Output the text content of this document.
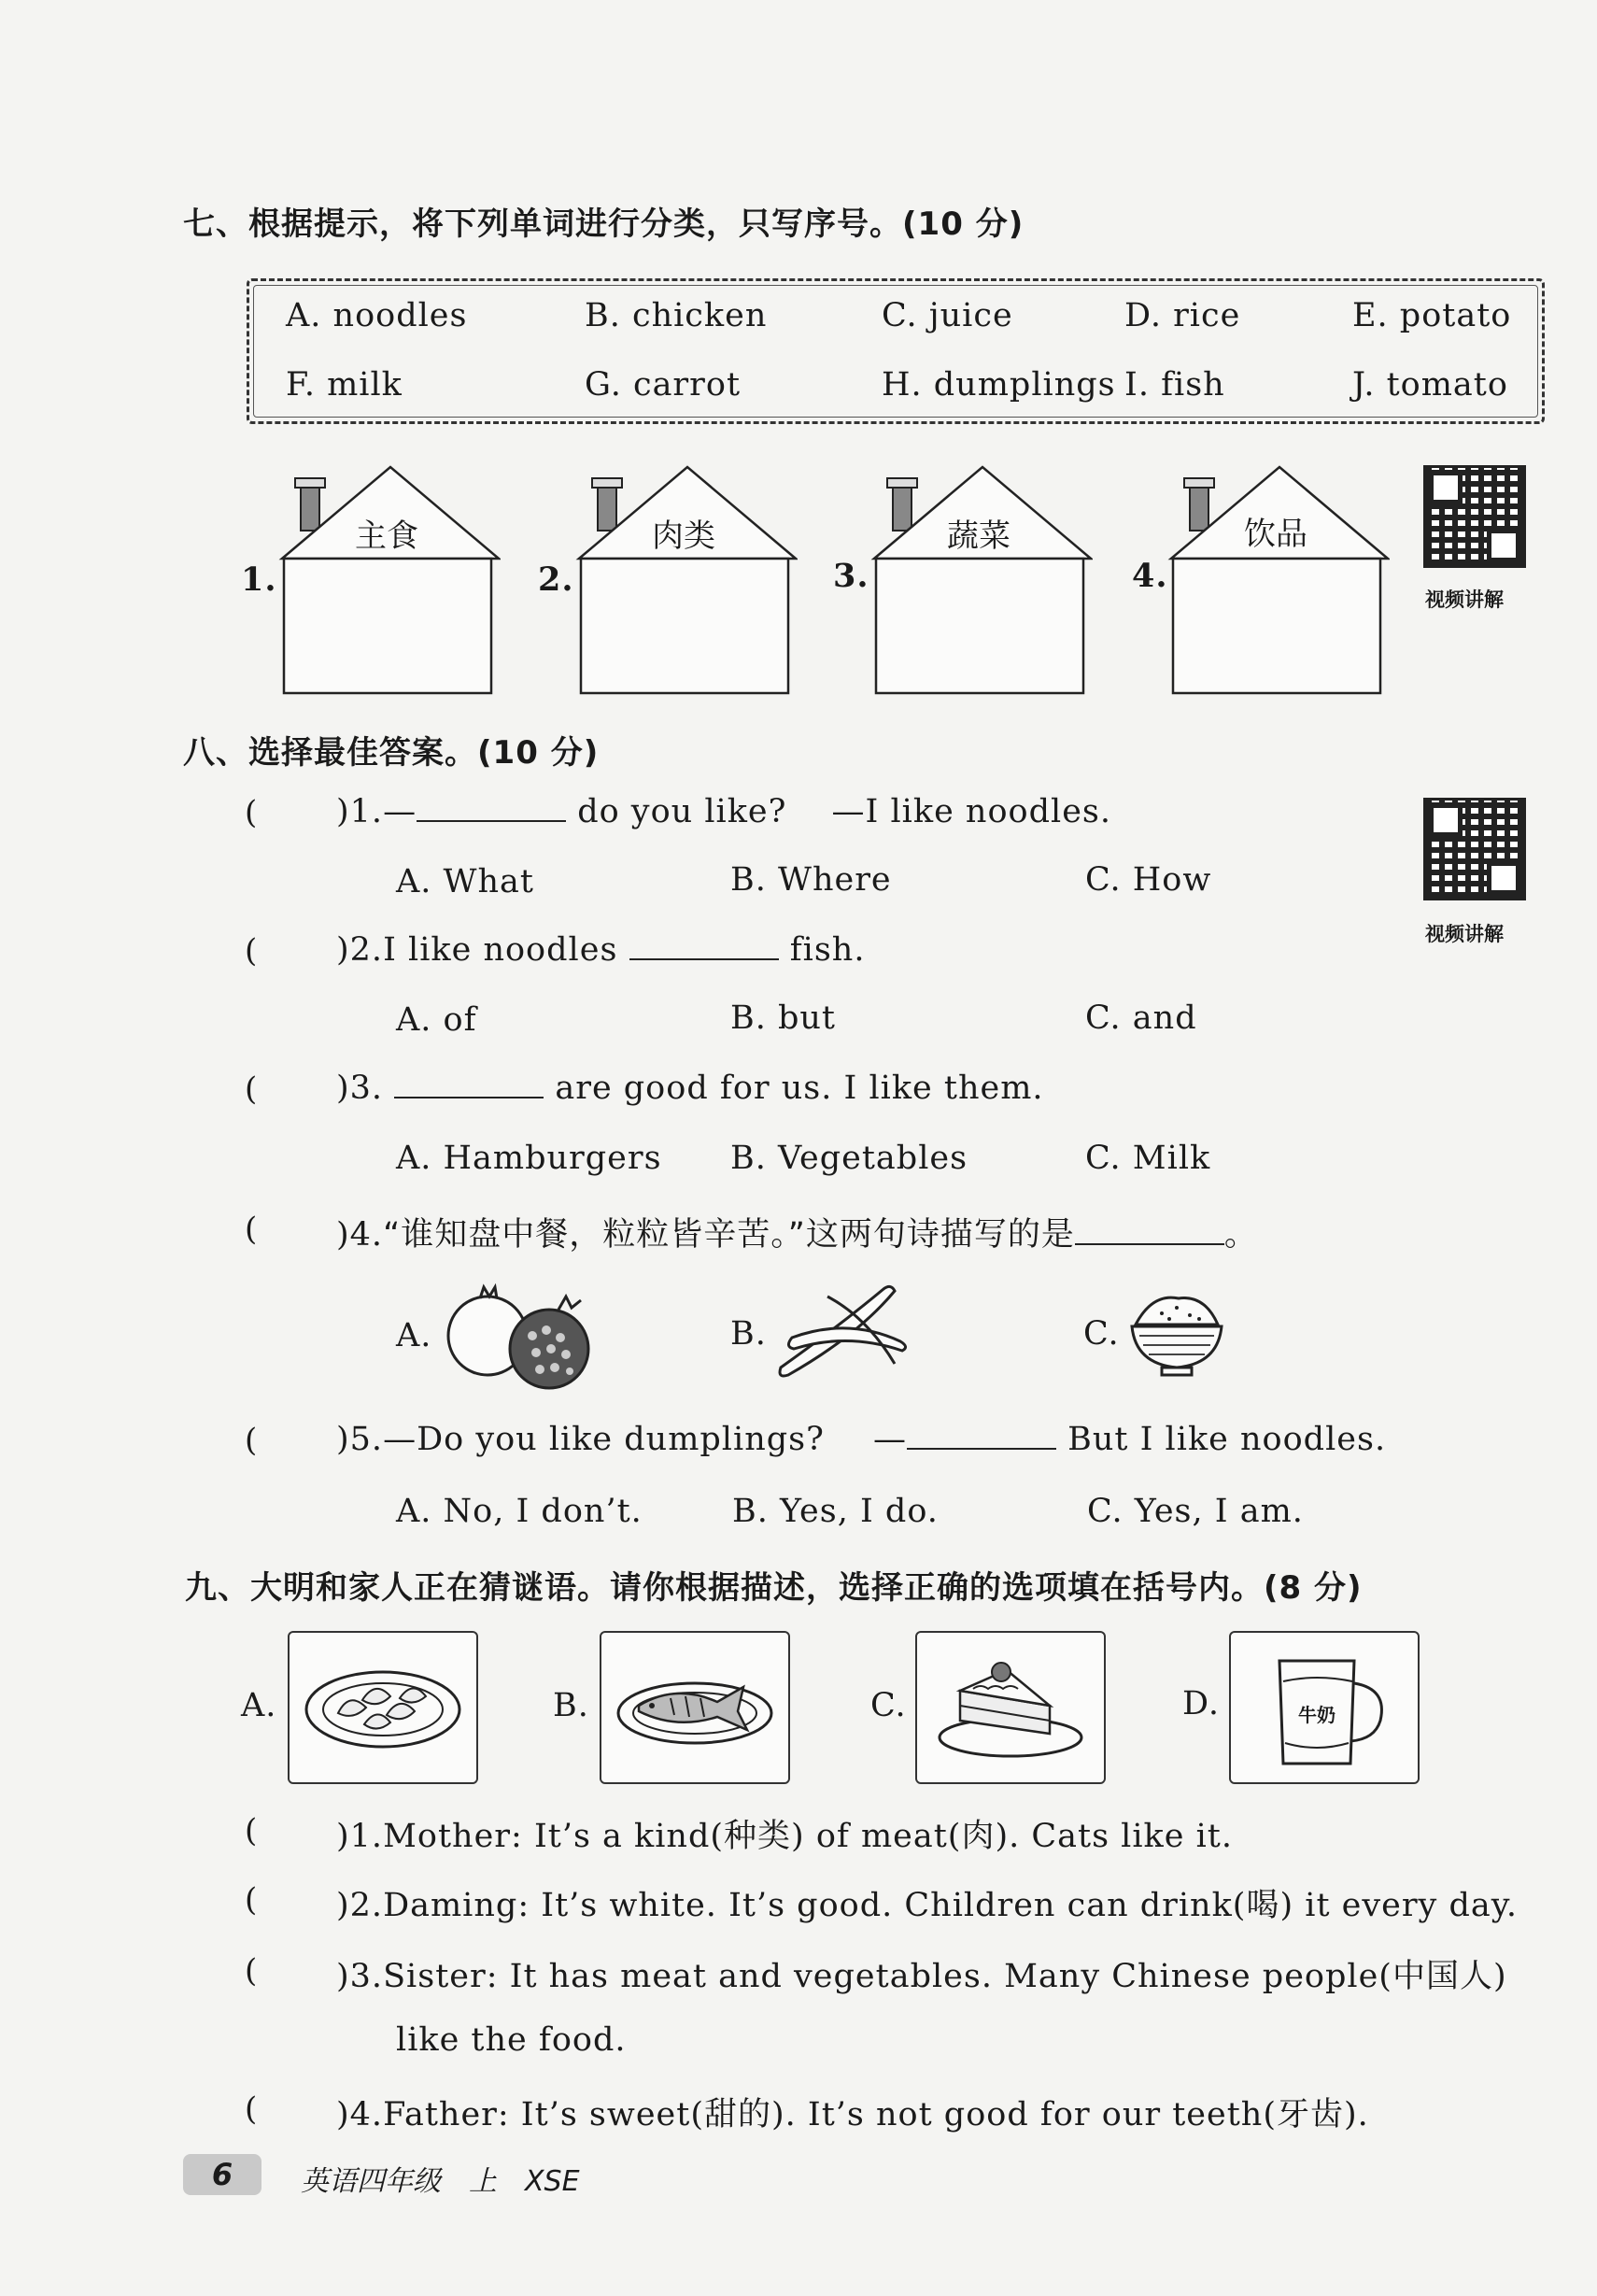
七、根据提示，将下列单词进行分类，只写序号。(10 分)
A. noodles	B. chicken	C. juice	D. rice	E. potato
F. milk	G. carrot	H. dumplings I. fish	J. tomato
1.	2.	3.	4.
主食	肉类	蔬菜	饮品
视频讲解
视频讲解
八、选择最佳答案。(10 分)
( )1.—	do you like? —I like noodles.
A. What	B. Where	C. How
( )2.I like noodles	fish.
A. of	B. but	C. and
( )3.	are good for us. I like them.
A. Hamburgers B. Vegetables	C. Milk
( )4.“谁知盘中餐，粒粒皆辛苦。”这两句诗描写的是	。
A.	B.	C.
( )5.—Do you like dumplings? —	But I like noodles.
A. No, I don’t.	B. Yes, I do.	C. Yes, I am.
九、大明和家人正在猜谜语。请你根据描述，选择正确的选项填在括号内。(8 分)
A.	B.	C.	D.	牛奶
( )1.Mother: It’s a kind(种类) of meat(肉). Cats like it.
( )2.Daming: It’s white. It’s good. Children can drink(喝) it every day.
( )3.Sister: It has meat and vegetables. Many Chinese people(中国人)
like the food.
( )4.Father: It’s sweet(甜的). It’s not good for our teeth(牙齿).
6	英语四年级　上　XSE
